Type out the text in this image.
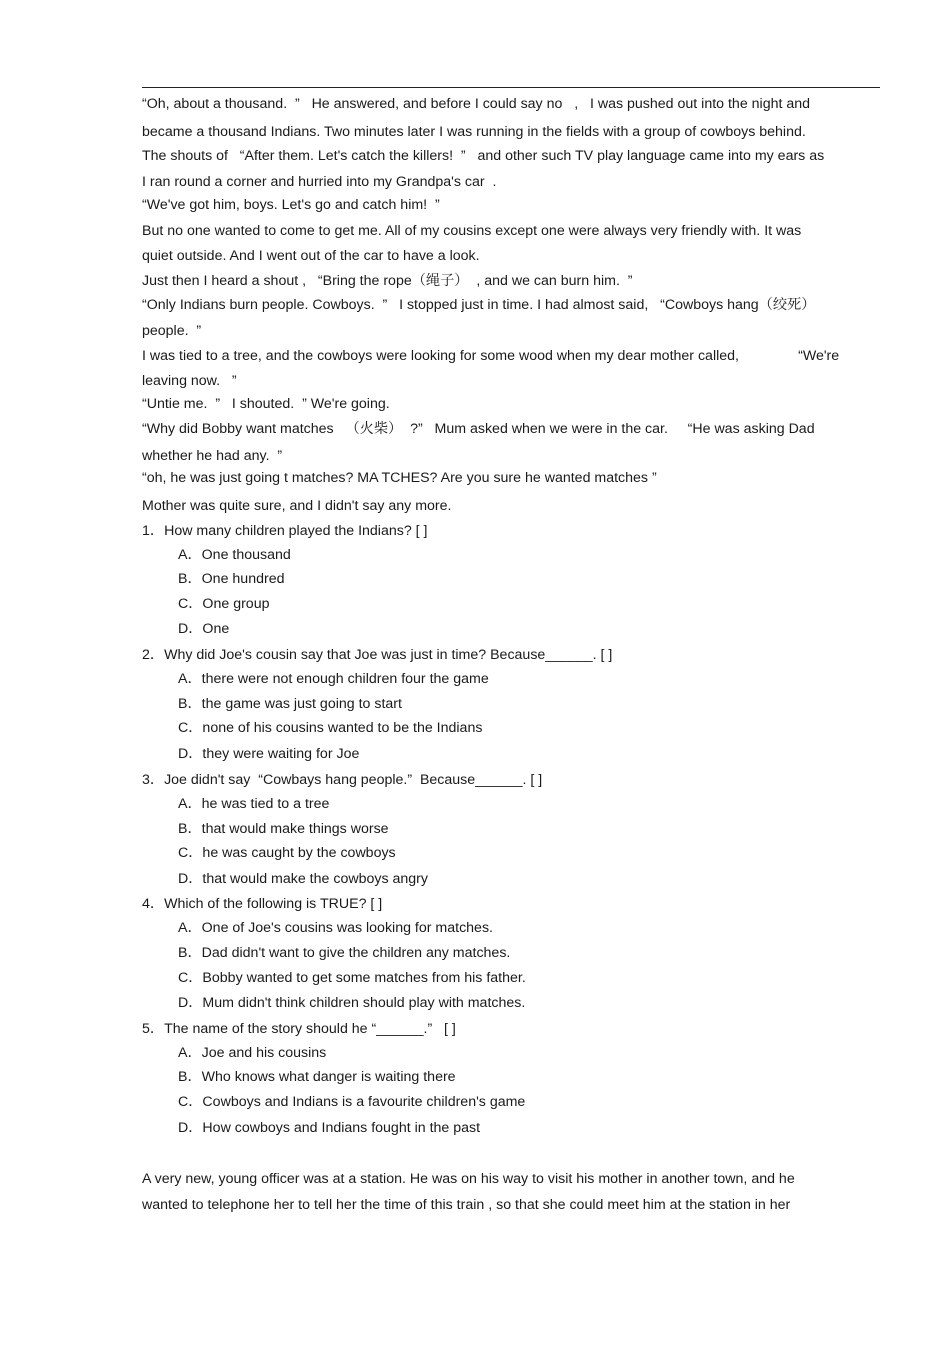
“Oh, about a thousand.  ”   He answered, and before I could say no   ,   I was pushed out into the night and
became a thousand Indians. Two minutes later I was running in the fields with a group of cowboys behind.
The shouts of   “After them. Let's catch the killers!  ”   and other such TV play language came into my ears as
I ran round a corner and hurried into my Grandpa's car  .
“We've got him, boys. Let's go and catch him!  ”
But no one wanted to come to get me. All of my cousins except one were always very friendly with. It was
quiet outside. And I went out of the car to have a look.
Just then I heard a shout ,   “Bring the rope（绳子）  , and we can burn him.  ”
“Only Indians burn people. Cowboys.  ”   I stopped just in time. I had almost said,   “Cowboys hang（绞死）
people.  ”
I was tied to a tree, and the cowboys were looking for some wood when my dear mother called,               “We're
leaving now.   ”
“Untie me.  ”   I shouted.  ” We're going.
“Why did Bobby want matches   （火柴）  ?”   Mum asked when we were in the car.     “He was asking Dad
whether he had any.  ”
“oh, he was just going t matches? MA TCHES? Are you sure he wanted matches ”
Mother was quite sure, and I didn't say any more.
1．How many children played the Indians? [ ]
A．One thousand
B．One hundred
C．One group
D．One
2．Why did Joe's cousin say that Joe was just in time? Because______. [ ]
A．there were not enough children four the game
B．the game was just going to start
C．none of his cousins wanted to be the Indians
D．they were waiting for Joe
3．Joe didn't say  “Cowbays hang people.”  Because______. [ ]
A．he was tied to a tree
B．that would make things worse
C．he was caught by the cowboys
D．that would make the cowboys angry
4．Which of the following is TRUE? [ ]
A．One of Joe's cousins was looking for matches.
B．Dad didn't want to give the children any matches.
C．Bobby wanted to get some matches from his father.
D．Mum didn't think children should play with matches.
5．The name of the story should he “______.”   [ ]
A．Joe and his cousins
B．Who knows what danger is waiting there
C．Cowboys and Indians is a favourite children's game
D．How cowboys and Indians fought in the past
A very new, young officer was at a station. He was on his way to visit his mother in another town, and he
wanted to telephone her to tell her the time of this train , so that she could meet him at the station in her
